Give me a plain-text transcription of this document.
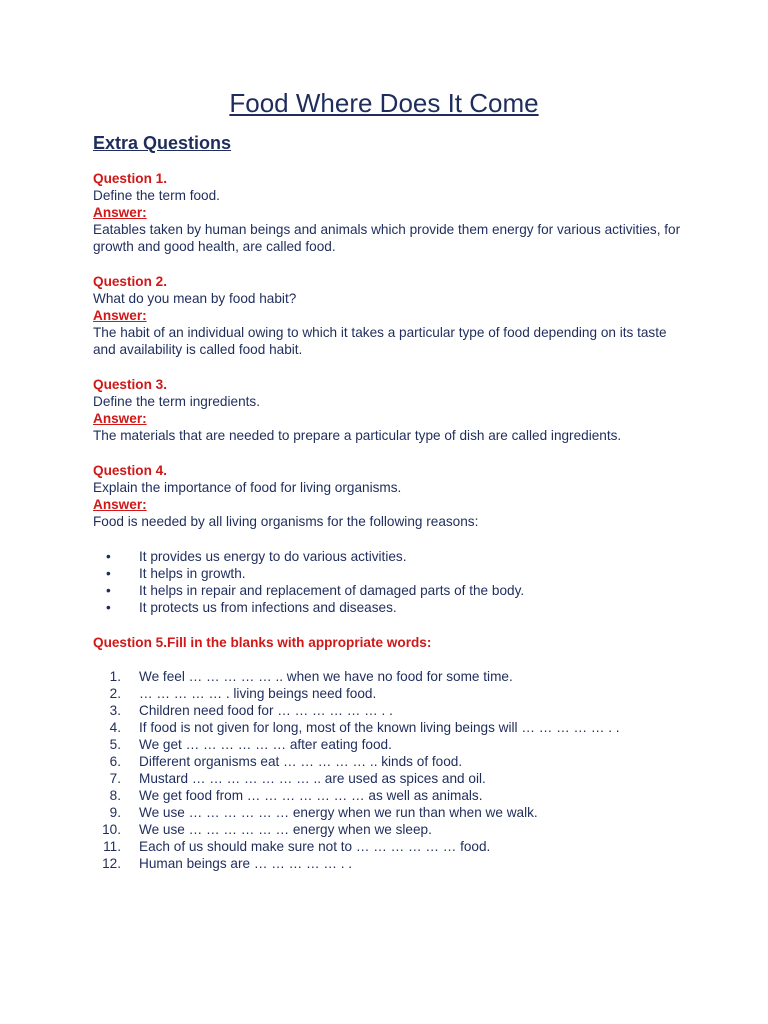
Food Where Does It Come
Extra Questions
Question 1.
Define the term food.
Answer:
Eatables taken by human beings and animals which provide them energy for various activities, for growth and good health, are called food.
Question 2.
What do you mean by food habit?
Answer:
The habit of an individual owing to which it takes a particular type of food depending on its taste and availability is called food habit.
Question 3.
Define the term ingredients.
Answer:
The materials that are needed to prepare a particular type of dish are called ingredients.
Question 4.
Explain the importance of food for living organisms.
Answer:
Food is needed by all living organisms for the following reasons:
• It provides us energy to do various activities.
• It helps in growth.
• It helps in repair and replacement of damaged parts of the body.
• It protects us from infections and diseases.
Question 5.Fill in the blanks with appropriate words:
1. We feel … … … … … .. when we have no food for some time.
2. … … … … … . living beings need food.
3. Children need food for … … … … … … . .
4. If food is not given for long, most of the known living beings will … … … … … . .
5. We get … … … … … … after eating food.
6. Different organisms eat … … … … … .. kinds of food.
7. Mustard … … … … … … … .. are used as spices and oil.
8. We get food from … … … … … … … as well as animals.
9. We use … … … … … … energy when we run than when we walk.
10. We use … … … … … … energy when we sleep.
11. Each of us should make sure not to … … … … … … food.
12. Human beings are … … … … … . .
